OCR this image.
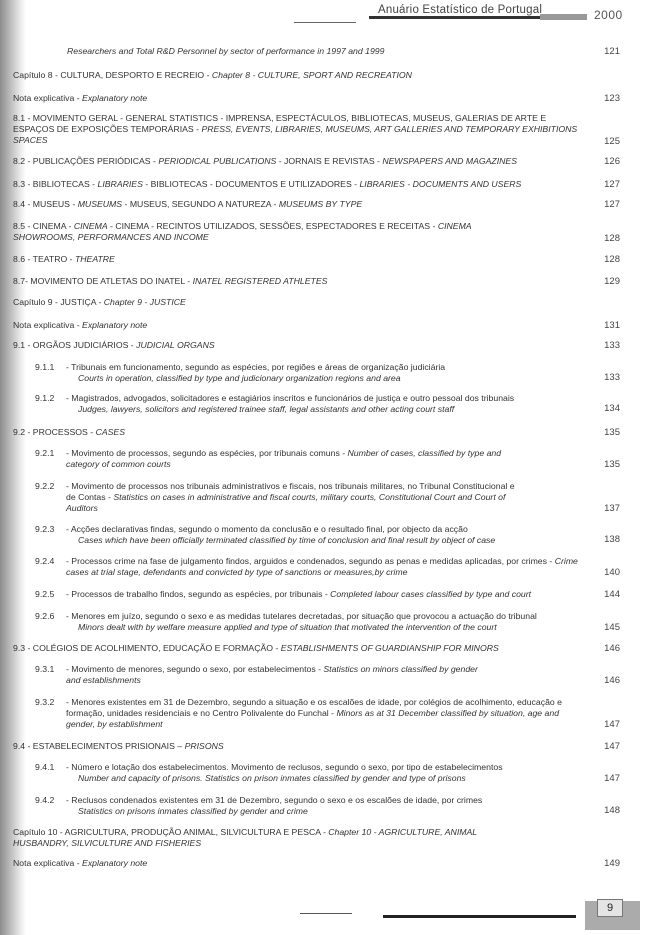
Anuário Estatístico de Portugal	2000
Researchers and Total R&D Personnel by sector of performance in 1997 and 1999	121
Capítulo 8 - CULTURA, DESPORTO E RECREIO - Chapter 8 - CULTURE, SPORT AND RECREATION
Nota explicativa - Explanatory note	123
8.1 - MOVIMENTO GERAL - GENERAL STATISTICS - IMPRENSA, ESPECTÁCULOS, BIBLIOTECAS, MUSEUS, GALERIAS DE ARTE E ESPAÇOS DE EXPOSIÇÕES TEMPORÁRIAS - PRESS, EVENTS, LIBRARIES, MUSEUMS, ART GALLERIES AND TEMPORARY EXHIBITIONS SPACES	125
8.2 - PUBLICAÇÕES PERIÓDICAS - PERIODICAL PUBLICATIONS - JORNAIS E REVISTAS - NEWSPAPERS AND MAGAZINES	126
8.3 - BIBLIOTECAS - LIBRARIES - BIBLIOTECAS - DOCUMENTOS E UTILIZADORES - LIBRARIES - DOCUMENTS AND USERS	127
8.4 - MUSEUS - MUSEUMS - MUSEUS, SEGUNDO A NATUREZA - MUSEUMS BY TYPE	127
8.5 - CINEMA - CINEMA - CINEMA - RECINTOS UTILIZADOS, SESSÕES, ESPECTADORES E RECEITAS - CINEMA SHOWROOMS, PERFORMANCES AND INCOME	128
8.6 - TEATRO - THEATRE	128
8.7- MOVIMENTO DE ATLETAS DO INATEL - INATEL REGISTERED ATHLETES	129
Capítulo 9 - JUSTIÇA - Chapter 9 - JUSTICE
Nota explicativa - Explanatory note	131
9.1 - ORGÃOS JUDICIÁRIOS - JUDICIAL ORGANS	133
9.1.1 - Tribunais em funcionamento, segundo as espécies, por regiões e áreas de organização judiciária
Courts in operation, classified by type and judicionary organization regions and area	133
9.1.2 - Magistrados, advogados, solicitadores e estagiários inscritos e funcionários de justiça e outro pessoal dos tribunais
Judges, lawyers, solicitors and registered trainee staff, legal assistants and other acting court staff	134
9.2 - PROCESSOS - CASES	135
9.2.1 - Movimento de processos, segundo as espécies, por tribunais comuns - Number of cases, classified by type and category of common courts	135
9.2.2 - Movimento de processos nos tribunais administrativos e fiscais, nos tribunais militares, no Tribunal Constitucional e de Contas - Statistics on cases in administrative and fiscal courts, military courts, Constitutional Court and Court of Auditors	137
9.2.3 - Acções declarativas findas, segundo o momento da conclusão e o resultado final, por objecto da acção
Cases which have been officially terminated classified by time of conclusion and final result by object of case	138
9.2.4 - Processos crime na fase de julgamento findos, arguidos e condenados, segundo as penas e medidas aplicadas, por crimes - Crime cases at trial stage, defendants and convicted by type of sanctions or measures,by crime	140
9.2.5 - Processos de trabalho findos, segundo as espécies, por tribunais - Completed labour cases classified by type and court	144
9.2.6 - Menores em juízo, segundo o sexo e as medidas tutelares decretadas, por situação que provocou a actuação do tribunal
Minors dealt with by welfare measure applied and type of situation that motivated the intervention of the court	145
9.3 - COLÉGIOS DE ACOLHIMENTO, EDUCAÇÃO E FORMAÇÃO - ESTABLISHMENTS OF GUARDIANSHIP FOR MINORS	146
9.3.1 - Movimento de menores, segundo o sexo, por estabelecimentos - Statistics on minors classified by gender and establishments	146
9.3.2 - Menores existentes em 31 de Dezembro, segundo a situação e os escalões de idade, por colégios de acolhimento, educação e formação, unidades residenciais e no Centro Polivalente do Funchal - Minors as at 31 December classified by situation, age and gender, by establishment	147
9.4 - ESTABELECIMENTOS PRISIONAIS – PRISONS	147
9.4.1 - Número e lotação dos estabelecimentos. Movimento de reclusos, segundo o sexo, por tipo de estabelecimentos
Number and capacity of prisons. Statistics on prison inmates classified by gender and type of prisons	147
9.4.2 - Reclusos condenados existentes em 31 de Dezembro, segundo o sexo e os escalões de idade, por crimes
Statistics on prisons inmates classified by gender and crime	148
Capítulo 10 - AGRICULTURA, PRODUÇÃO ANIMAL, SILVICULTURA E PESCA - Chapter 10 - AGRICULTURE, ANIMAL HUSBANDRY, SILVICULTURE AND FISHERIES
Nota explicativa - Explanatory note	149
9
